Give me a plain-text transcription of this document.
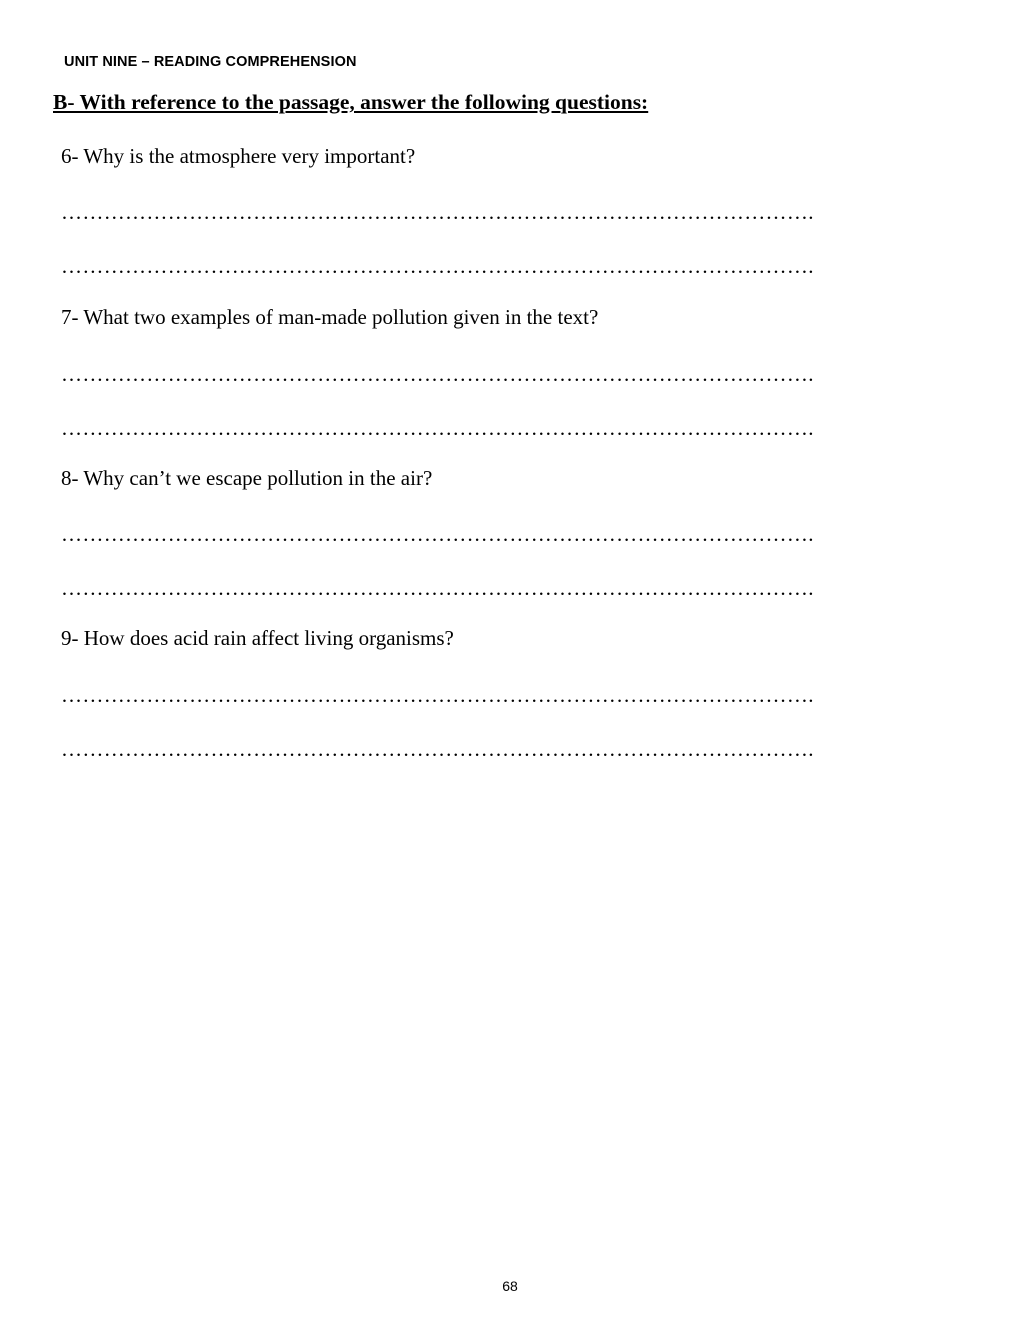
UNIT NINE – READING COMPREHENSION
B- With reference to the passage, answer the following questions:
6- Why is the atmosphere very important?
…………………………………………………………………………………………….
…………………………………………………………………………………………….
7- What two examples of man-made pollution given in the text?
…………………………………………………………………………………………….
…………………………………………………………………………………………….
8- Why can’t we escape pollution in the air?
…………………………………………………………………………………………….
…………………………………………………………………………………………….
9- How does acid rain affect living organisms?
…………………………………………………………………………………………….
…………………………………………………………………………………………….
68
